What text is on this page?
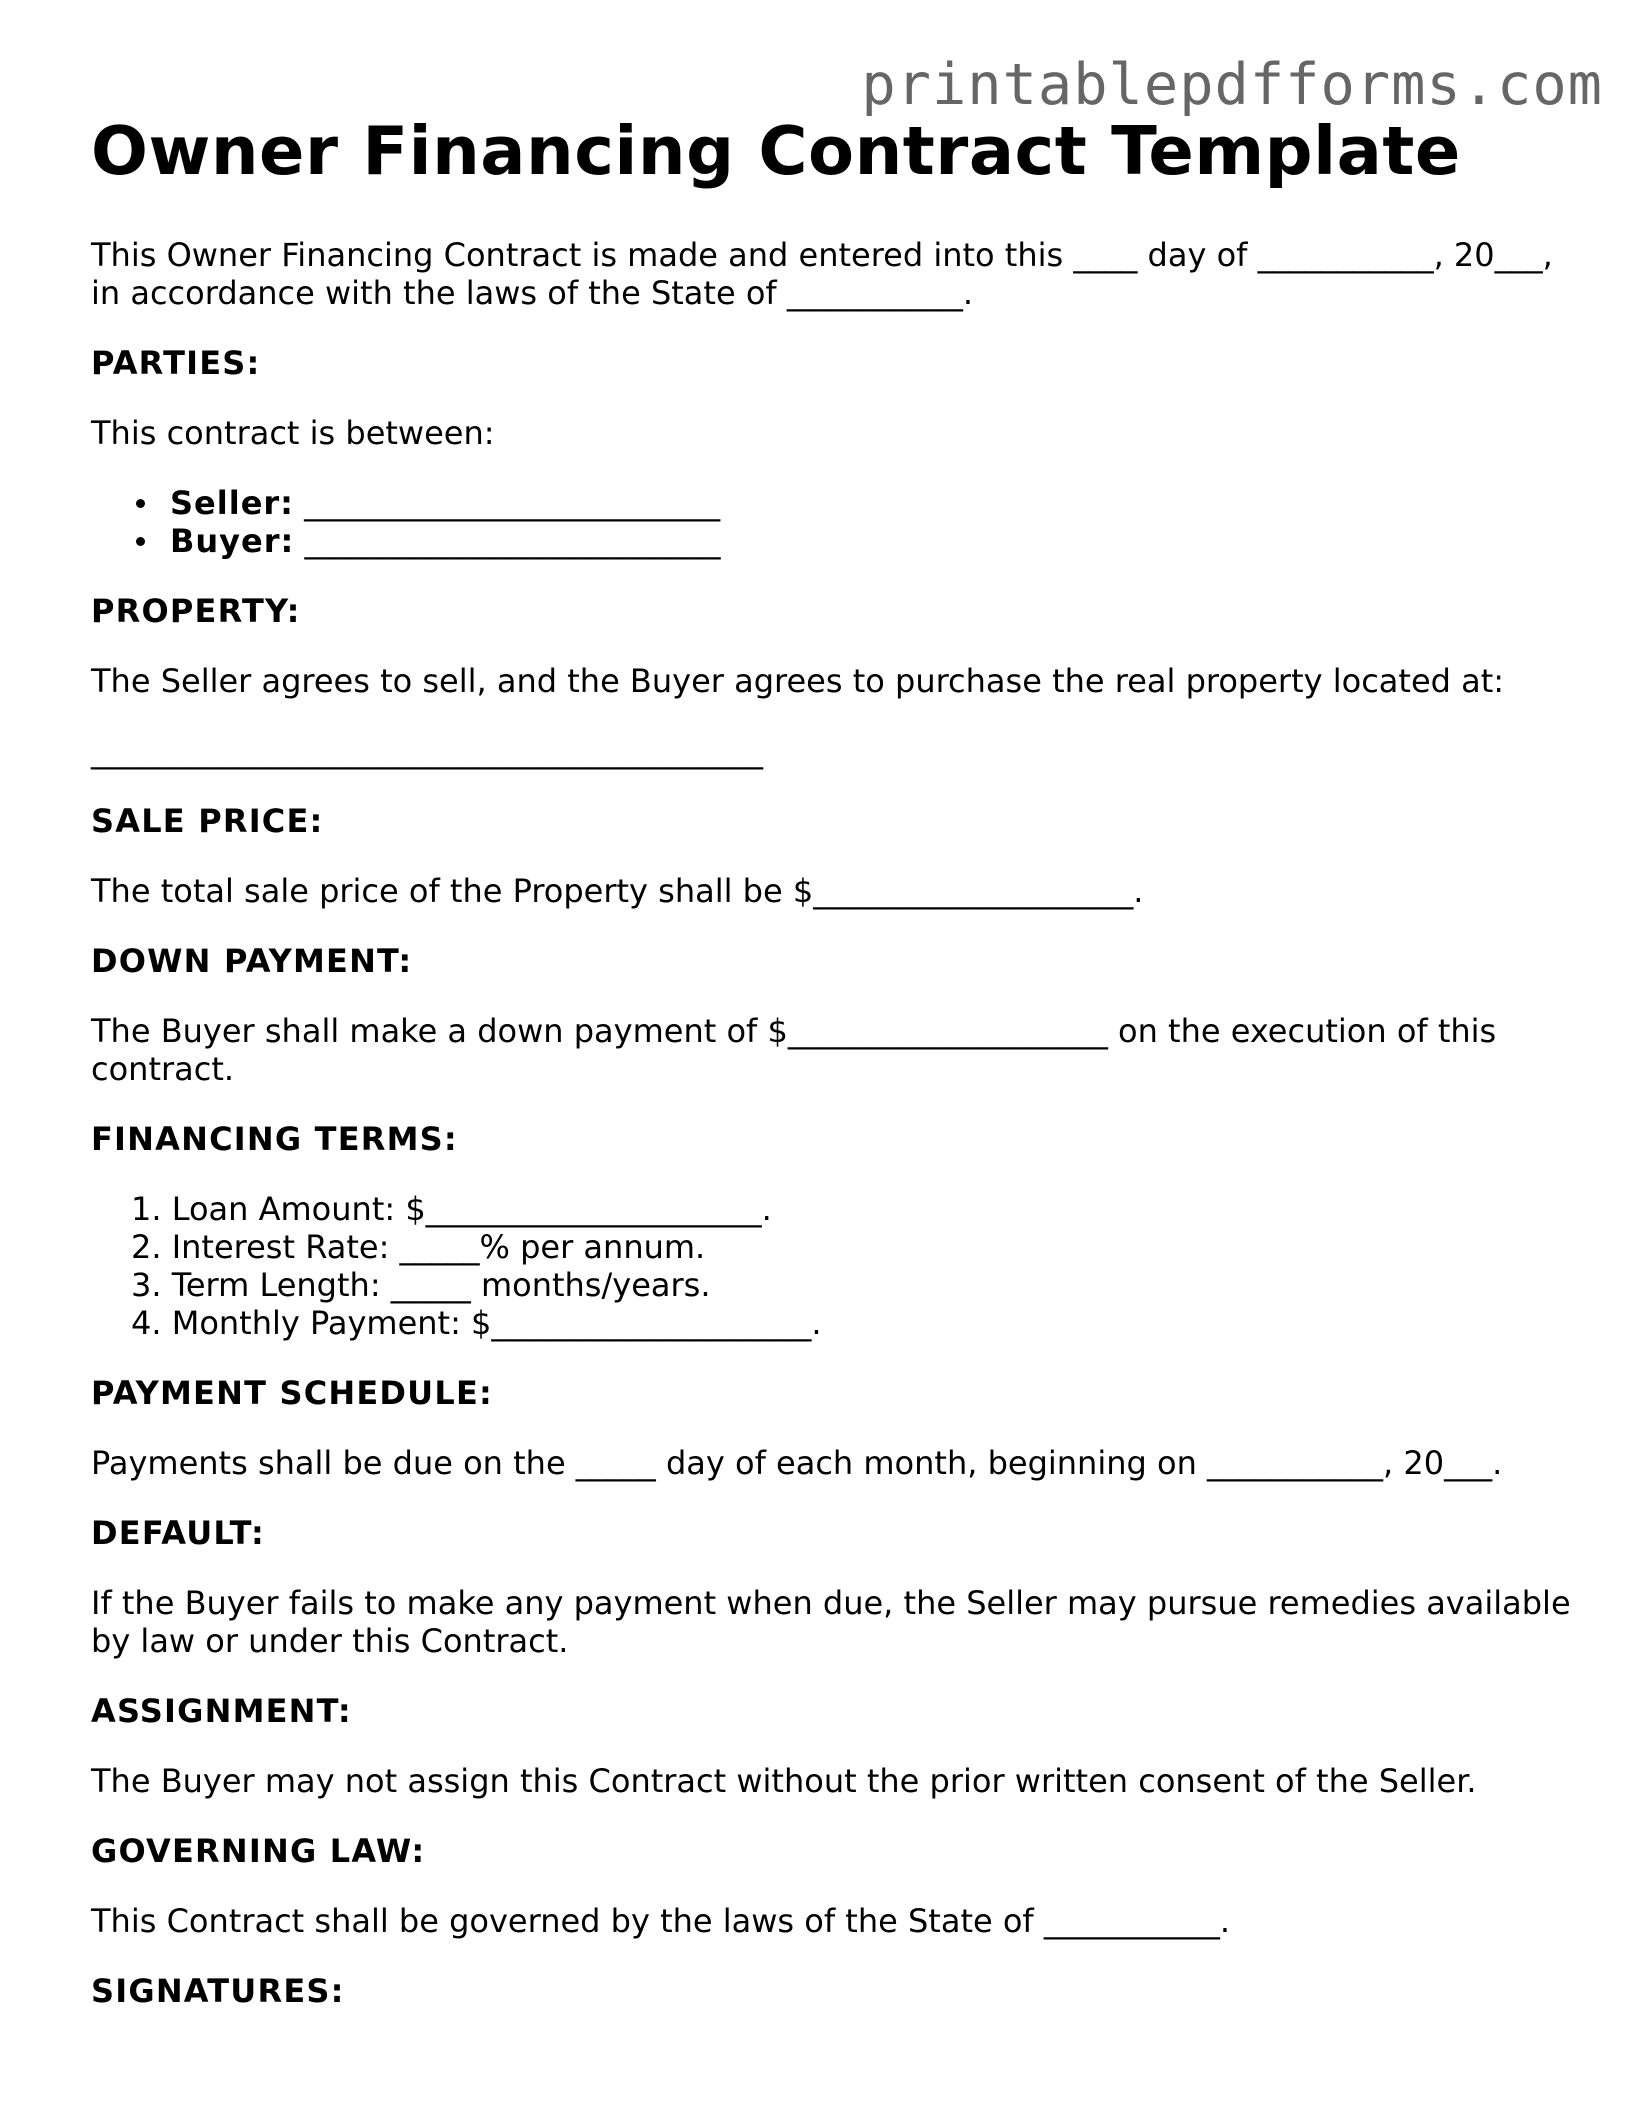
printablepdfforms.com
Owner Financing Contract Template

This Owner Financing Contract is made and entered into this ____ day of ___________, 20___, in accordance with the laws of the State of ___________.

PARTIES:

This contract is between:

Seller: __________________________
Buyer: __________________________

PROPERTY:

The Seller agrees to sell, and the Buyer agrees to purchase the real property located at:

__________________________________________

SALE PRICE:

The total sale price of the Property shall be $____________________.

DOWN PAYMENT:

The Buyer shall make a down payment of $____________________ on the execution of this contract.

FINANCING TERMS:

1. Loan Amount: $_____________________.
2. Interest Rate: _____% per annum.
3. Term Length: _____ months/years.
4. Monthly Payment: $____________________.

PAYMENT SCHEDULE:

Payments shall be due on the _____ day of each month, beginning on ___________, 20___.

DEFAULT:

If the Buyer fails to make any payment when due, the Seller may pursue remedies available by law or under this Contract.

ASSIGNMENT:

The Buyer may not assign this Contract without the prior written consent of the Seller.

GOVERNING LAW:

This Contract shall be governed by the laws of the State of ___________.

SIGNATURES:
